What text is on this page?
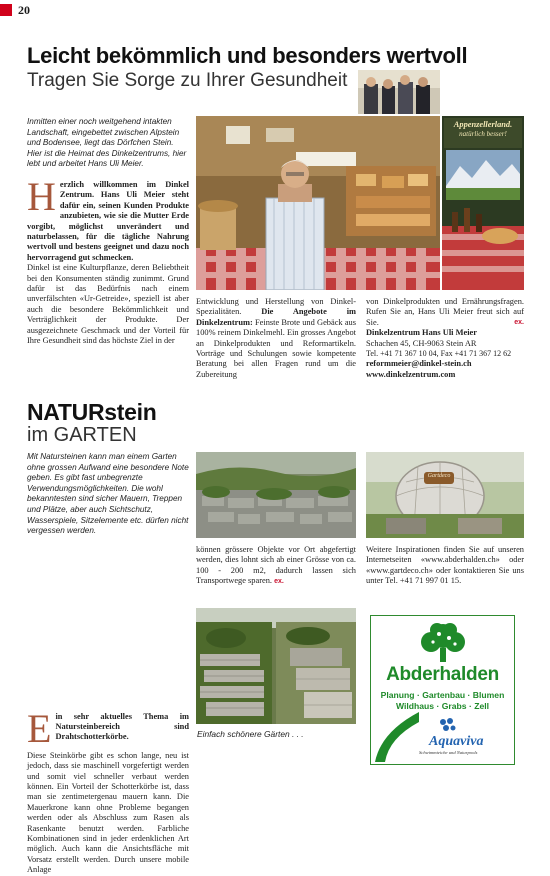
20
Leicht bekömmlich und besonders wertvoll
Tragen Sie Sorge zu Ihrer Gesundheit
Appenzellerland.
natürlich besser!
Inmitten einer noch weitgehend intakten Landschaft, eingebettet zwischen Alpstein und Bodensee, liegt das Dörfchen Stein. Hier ist die Heimat des Dinkelzentrums, hier lebt und arbeitet Hans Uli Meier.
H erzlich willkommen im Dinkel Zentrum. Hans Uli Meier steht dafür ein, seinen Kunden Produkte anzubieten, wie sie die Mutter Erde vorgibt, möglichst unverändert und naturbelassen, für die tägliche Nahrung wertvoll und bestens geeignet und dazu noch hervorragend gut schmecken.

Dinkel ist eine Kulturpflanze, deren Beliebtheit bei den Konsumenten ständig zunimmt. Grund dafür ist das Bedürfnis nach einem unverfälschten «Ur-Getreide», speziell ist aber auch die besondere Bekömmlichkeit und Verträglichkeit der Produkte. Der ausgezeichnete Geschmack und der Vorteil für Ihre Gesundheit sind das höchste Ziel in der

Entwicklung und Herstellung von Dinkel-Spezialitäten. Die Angebote im Dinkelzentrum: Feinste Brote und Gebäck aus 100% reinem Dinkelmehl. Ein grosses Angebot an Dinkelprodukten und Reformartikeln. Vorträge und Schulungen sowie kompetente Beratung bei allen Fragen rund um die Zubereitung

von Dinkelprodukten und Ernährungsfragen. Rufen Sie an, Hans Uli Meier freut sich auf Sie.	ex.

Dinkelzentrum Hans Uli Meier

Schachen 45, CH-9063 Stein AR

Tel. +41 71 367 10 04, Fax +41 71 367 12 62

reformmeier@dinkel-stein.ch

www.dinkelzentrum.com

NATURstein
im GARTEN
Mit Natursteinen kann man einem Garten ohne grossen Aufwand eine besondere Note geben. Es gibt fast unbegrenzte Verwendungsmöglichkeiten. Die wohl bekanntesten sind sicher Mauern, Treppen und Plätze, aber auch Sichtschutz, Wasserspiele, Sitzelemente etc. dürfen nicht vergessen werden.
Gartdeco
Einfach schönere Gärten . . .
E in sehr aktuelles Thema im Natursteinbereich sind Drahtschotterkörbe.

Diese Steinkörbe gibt es schon lange, neu ist jedoch, dass sie maschinell vorgefertigt werden und somit viel schneller verbaut werden können. Ein Vorteil der Schotterkörbe ist, dass man sie zentimetergenau mauern kann. Die Mauerkrone kann ohne Probleme begangen werden oder als Abschluss zum Rasen als Rasenkante benutzt werden. Farbliche Kombinationen sind in jeder erdenklichen Art möglich. Auch kann die Ansichtsfläche mit Vorsatz erstellt werden. Durch unsere mobile Anlage

können grössere Objekte vor Ort abgefertigt werden, dies lohnt sich ab einer Grösse von ca. 100 - 200 m2, dadurch lassen sich Transportwege sparen. ex.

Weitere Inspirationen finden Sie auf unseren Internetseiten «www.abderhalden.ch» oder «www.gartdeco.ch» oder kontaktieren Sie uns unter Tel. +41 71 997 01 15.

Abderhalden
Planung · Gartenbau · Blumen
Wildhaus · Grabs · Zell
Aquaviva
Schwimmteiche und Naturpools
